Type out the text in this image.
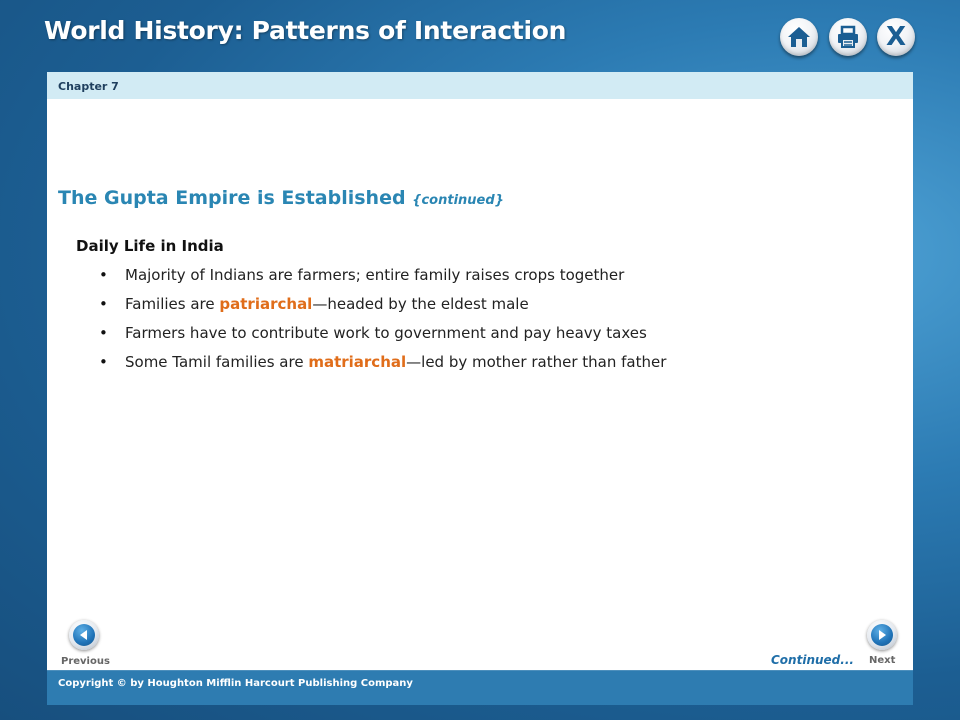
World History: Patterns of Interaction	X
Chapter 7
The Gupta Empire is Established {continued}
Daily Life in India
• Majority of Indians are farmers; entire family raises crops together
• Families are patriarchal—headed by the eldest male
• Farmers have to contribute work to government and pay heavy taxes
• Some Tamil families are matriarchal—led by mother rather than father
Previous	Continued... Next
Copyright © by Houghton Mifflin Harcourt Publishing Company
